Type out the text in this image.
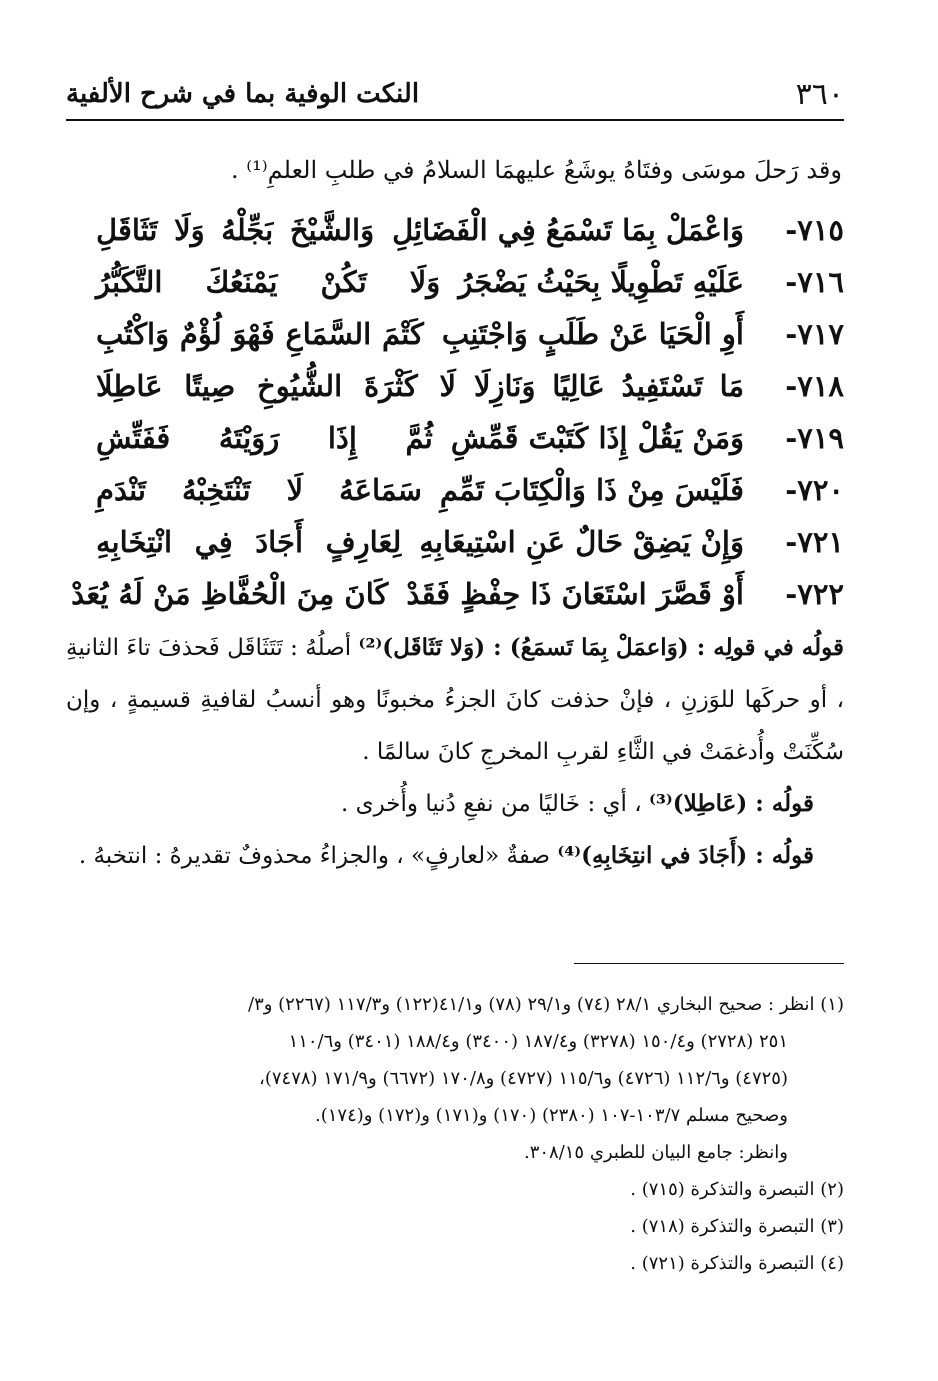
٣٦٠
النكت الوفية بما في شرح الألفية
وقد رَحلَ موسَى وفتَاهُ يوشَعُ عليهمَا السلامُ في طلبِ العلمِ⁽¹⁾ .
٧١٥-
وَاعْمَلْ بِمَا تَسْمَعُ فِي الْفَضَائِلِ
وَالشَّيْخَ بَجِّلْهُ وَلَا تَثَاقَلِ
٧١٦-
عَلَيْهِ تَطْوِيلًا بِحَيْثُ يَضْجَرُ
وَلَا تَكُنْ يَمْنَعُكَ التَّكَبُّرُ
٧١٧-
أَوِ الْحَيَا عَنْ طَلَبٍ وَاجْتَنِبِ
كَتْمَ السَّمَاعِ فَهْوَ لُؤْمٌ وَاكْتُبِ
٧١٨-
مَا تَسْتَفِيدُ عَالِيًا وَنَازِلَا
لَا كَثْرَةَ الشُّيُوخِ صِيتًا عَاطِلَا
٧١٩-
وَمَنْ يَقُلْ إِذَا كَتَبْتَ قَمِّشِ
ثُمَّ إِذَا رَوَيْتَهُ فَفَتِّشِ
٧٢٠-
فَلَيْسَ مِنْ ذَا وَالْكِتَابَ تَمِّمِ
سَمَاعَهُ لَا تَنْتَخِبْهُ تَنْدَمِ
٧٢١-
وَإِنْ يَضِقْ حَالٌ عَنِ اسْتِيعَابِهِ
لِعَارِفٍ أَجَادَ فِي انْتِخَابِهِ
٧٢٢-
أَوْ قَصَّرَ اسْتَعَانَ ذَا حِفْظٍ فَقَدْ
كَانَ مِنَ الْحُفَّاظِ مَنْ لَهُ يُعَدْ

قولُه في قولِه : (وَاعمَلْ بِمَا تَسمَعُ) : (وَلا تَثَاقَل)⁽²⁾ أصلُهُ : تَتَثَاقَل فَحذفَ تاءَ الثانيةِ ، أو حركَها للوَزنِ ، فإنْ حذفت كانَ الجزءُ مخبونًا وهو أنسبُ لقافيةِ قسيمةٍ ، وإن سُكِّنَتْ وأُدغمَتْ في الثَّاءِ لقربِ المخرجِ كانَ سالمًا .

قولُه : (عَاطِلا)⁽³⁾ ، أي : خَاليًا من نفعِ دُنيا وأُخرى .

قولُه : (أَجَادَ في انتِخَابِهِ)⁽⁴⁾ صفةٌ «لعارفٍ» ، والجزاءُ محذوفٌ تقديرهُ : انتخبهُ .

(١) انظر : صحيح البخاري ٢٨/١ (٧٤) و٢٩/١ (٧٨) و٤١/١(١٢٢) و١١٧/٣ (٢٢٦٧) و٣/

٢٥١ (٢٧٢٨) و١٥٠/٤ (٣٢٧٨) و١٨٧/٤ (٣٤٠٠) و١٨٨/٤ (٣٤٠١) و١١٠/٦

(٤٧٢٥) و١١٢/٦ (٤٧٢٦) و١١٥/٦ (٤٧٢٧) و١٧٠/٨ (٦٦٧٢) و١٧١/٩ (٧٤٧٨)،

وصحيح مسلم ١٠٣/٧-١٠٧ (٢٣٨٠) (١٧٠) و(١٧١) و(١٧٢) و(١٧٤).

وانظر: جامع البيان للطبري ٣٠٨/١٥.

(٢) التبصرة والتذكرة (٧١٥) .

(٣) التبصرة والتذكرة (٧١٨) .

(٤) التبصرة والتذكرة (٧٢١) .
